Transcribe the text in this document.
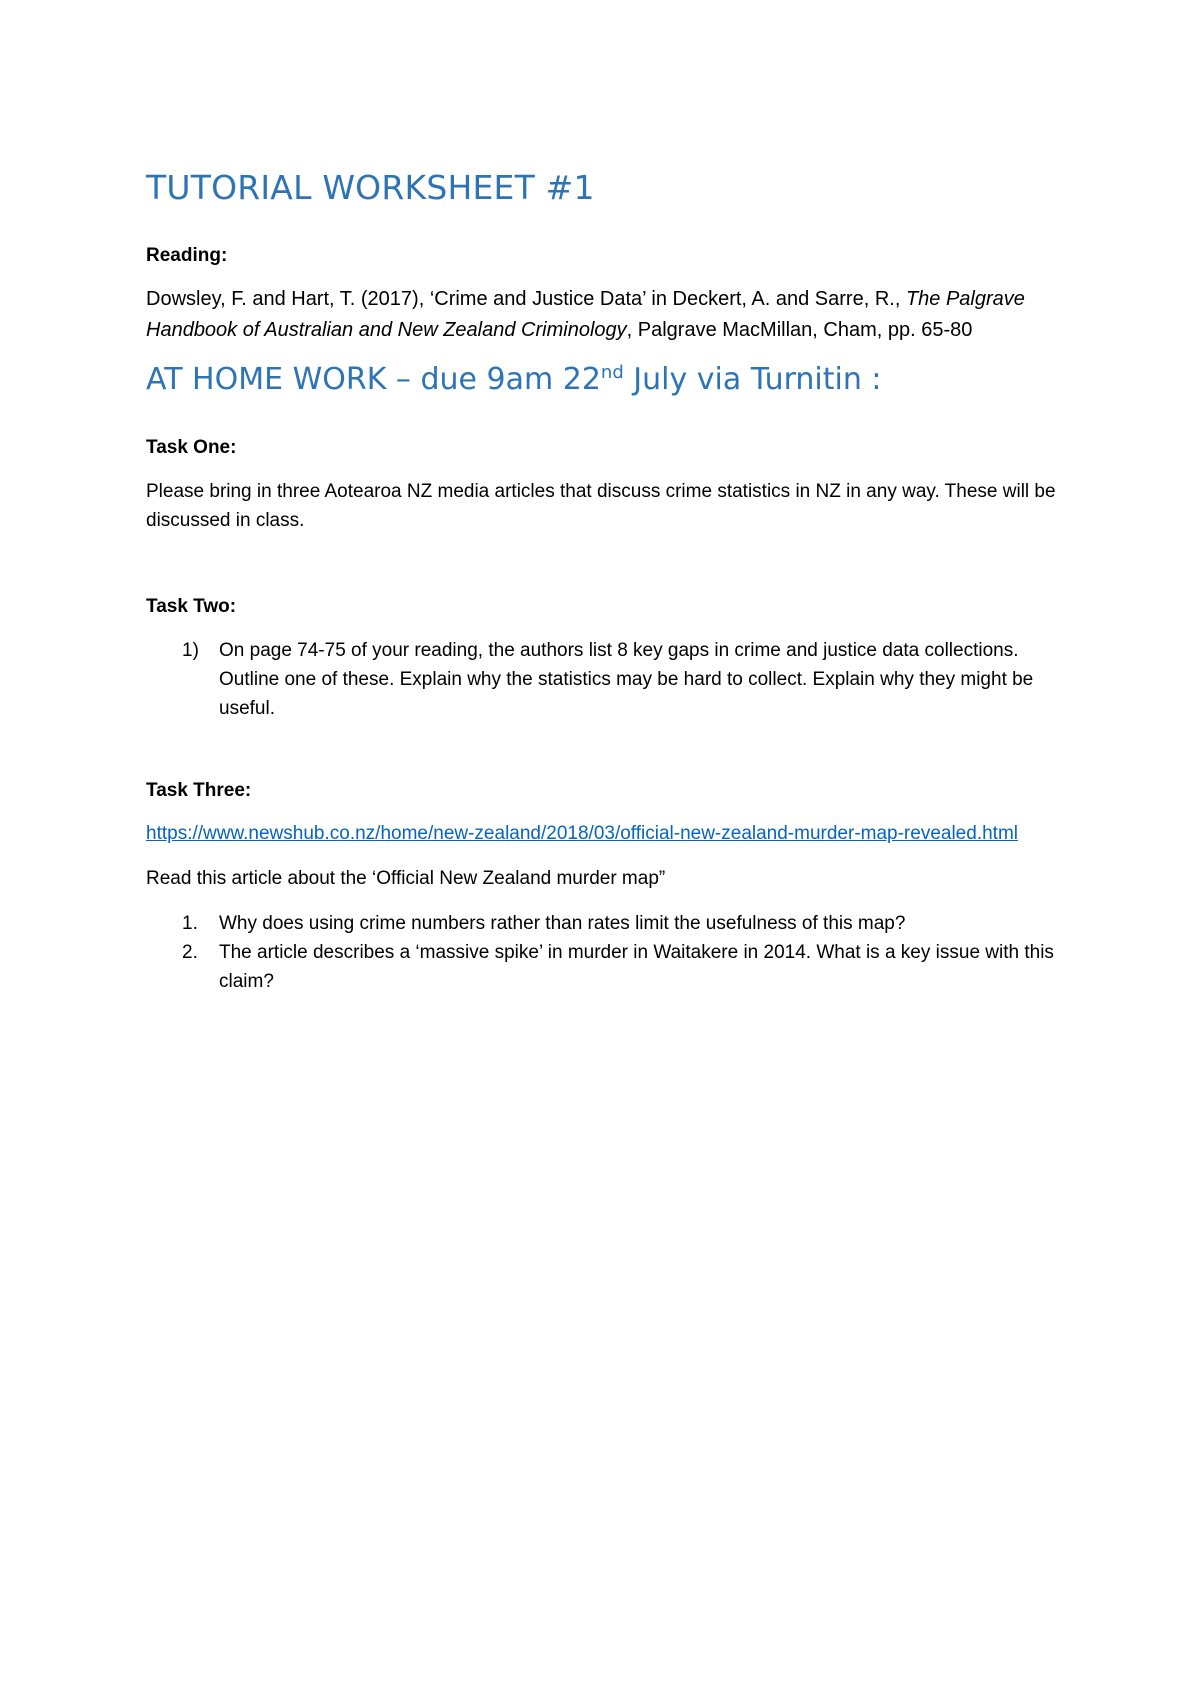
TUTORIAL WORKSHEET #1
Reading:

Dowsley, F. and Hart, T. (2017), ‘Crime and Justice Data’ in Deckert, A. and Sarre, R., The Palgrave Handbook of Australian and New Zealand Criminology, Palgrave MacMillan, Cham, pp. 65-80

AT HOME WORK – due 9am 22nd July via Turnitin :
Task One:

Please bring in three Aotearoa NZ media articles that discuss crime statistics in NZ in any way. These will be discussed in class.

Task Two:
1) On page 74-75 of your reading, the authors list 8 key gaps in crime and justice data collections. Outline one of these. Explain why the statistics may be hard to collect. Explain why they might be useful.
Task Three:

https://www.newshub.co.nz/home/new-zealand/2018/03/official-new-zealand-murder-map-revealed.html

Read this article about the ‘Official New Zealand murder map”

1. Why does using crime numbers rather than rates limit the usefulness of this map?
2. The article describes a ‘massive spike’ in murder in Waitakere in 2014. What is a key issue with this claim?
